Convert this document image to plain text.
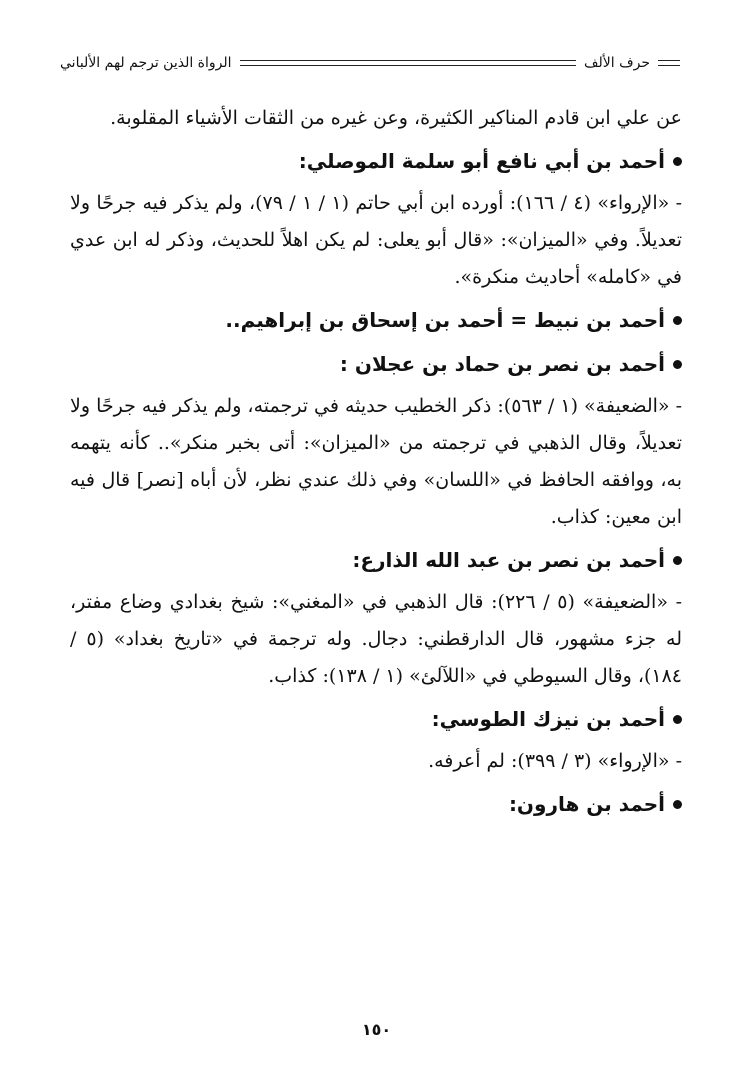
الرواة الذين ترجم لهم الألباني	حرف الألف

عن علي ابن قادم المناكير الكثيرة، وعن غيره من الثقات الأشياء المقلوبة.

أحمد بن أبي نافع أبو سلمة الموصلي:

- «الإرواء» (٤ / ١٦٦): أورده ابن أبي حاتم (١ / ١ / ٧٩)، ولم يذكر فيه جرحًا ولا تعديلاً. وفي «الميزان»: «قال أبو يعلى: لم يكن اهلاً للحديث، وذكر له ابن عدي في «كامله» أحاديث منكرة».

أحمد بن نبيط = أحمد بن إسحاق بن إبراهيم..
أحمد بن نصر بن حماد بن عجلان :

- «الضعيفة» (١ / ٥٦٣): ذكر الخطيب حديثه في ترجمته، ولم يذكر فيه جرحًا ولا تعديلاً، وقال الذهبي في ترجمته من «الميزان»: أتى بخبر منكر».. كأنه يتهمه به، ووافقه الحافظ في «اللسان» وفي ذلك عندي نظر، لأن أباه [نصر] قال فيه ابن معين: كذاب.

أحمد بن نصر بن عبد الله الذارع:

- «الضعيفة» (٥ / ٢٢٦): قال الذهبي في «المغني»: شيخ بغدادي وضاع مفتر، له جزء مشهور، قال الدارقطني: دجال. وله ترجمة في «تاريخ بغداد» (٥ / ١٨٤)، وقال السيوطي في «اللآلئ» (١ / ١٣٨): كذاب.

أحمد بن نيزك الطوسي:

- «الإرواء» (٣ / ٣٩٩): لم أعرفه.

أحمد بن هارون:
١٥٠
